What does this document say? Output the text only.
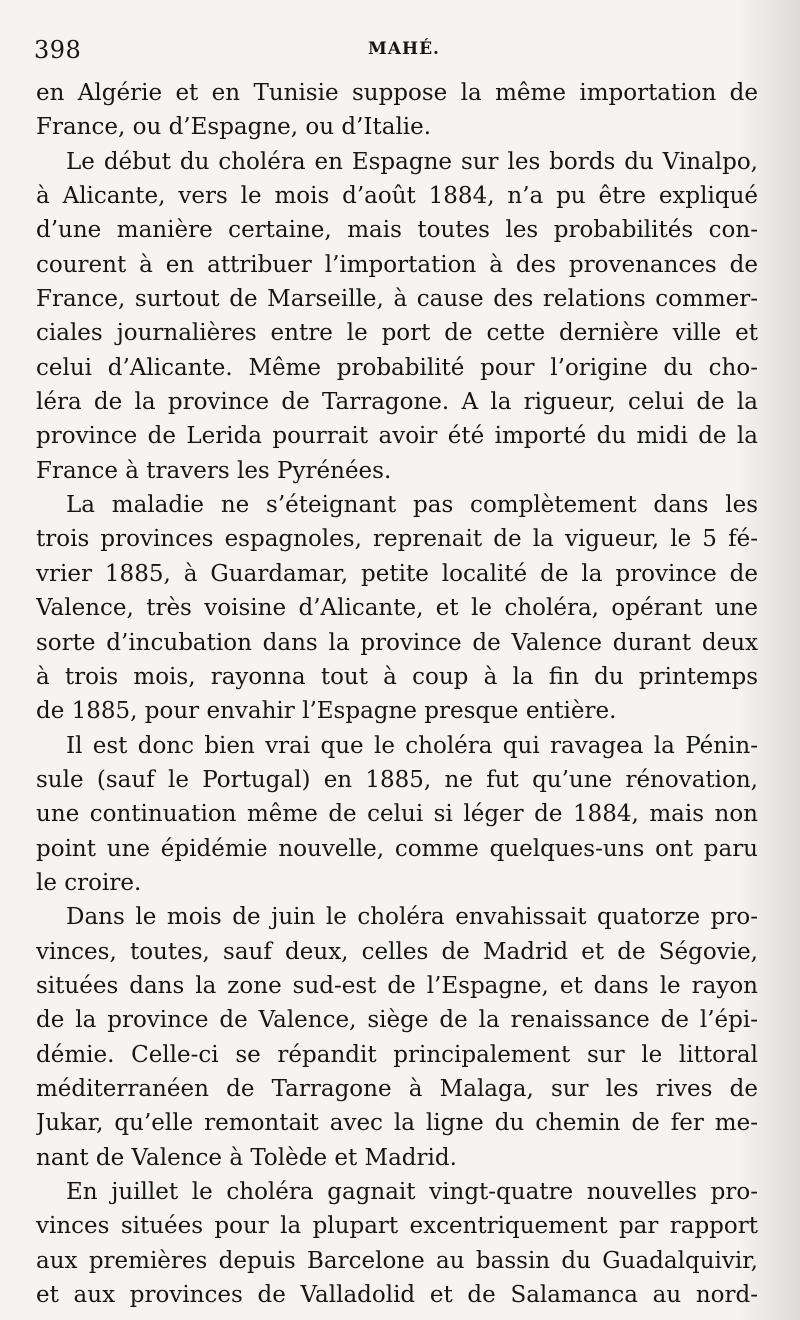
398	MAHÉ.
en Algérie et en Tunisie suppose la même importation de
France, ou d’Espagne, ou d’Italie.
Le début du choléra en Espagne sur les bords du Vinalpo,
à Alicante, vers le mois d’août 1884, n’a pu être expliqué
d’une manière certaine, mais toutes les probabilités con-
courent à en attribuer l’importation à des provenances de
France, surtout de Marseille, à cause des relations commer-
ciales journalières entre le port de cette dernière ville et
celui d’Alicante. Même probabilité pour l’origine du cho-
léra de la province de Tarragone. A la rigueur, celui de la
province de Lerida pourrait avoir été importé du midi de la
France à travers les Pyrénées.
La maladie ne s’éteignant pas complètement dans les
trois provinces espagnoles, reprenait de la vigueur, le 5 fé-
vrier 1885, à Guardamar, petite localité de la province de
Valence, très voisine d’Alicante, et le choléra, opérant une
sorte d’incubation dans la province de Valence durant deux
à trois mois, rayonna tout à coup à la fin du printemps
de 1885, pour envahir l’Espagne presque entière.
Il est donc bien vrai que le choléra qui ravagea la Pénin-
sule (sauf le Portugal) en 1885, ne fut qu’une rénovation,
une continuation même de celui si léger de 1884, mais non
point une épidémie nouvelle, comme quelques-uns ont paru
le croire.
Dans le mois de juin le choléra envahissait quatorze pro-
vinces, toutes, sauf deux, celles de Madrid et de Ségovie,
situées dans la zone sud-est de l’Espagne, et dans le rayon
de la province de Valence, siège de la renaissance de l’épi-
démie. Celle-ci se répandit principalement sur le littoral
méditerranéen de Tarragone à Malaga, sur les rives de
Jukar, qu’elle remontait avec la ligne du chemin de fer me-
nant de Valence à Tolède et Madrid.
En juillet le choléra gagnait vingt-quatre nouvelles pro-
vinces situées pour la plupart excentriquement par rapport
aux premières depuis Barcelone au bassin du Guadalquivir,
et aux provinces de Valladolid et de Salamanca au nord-
